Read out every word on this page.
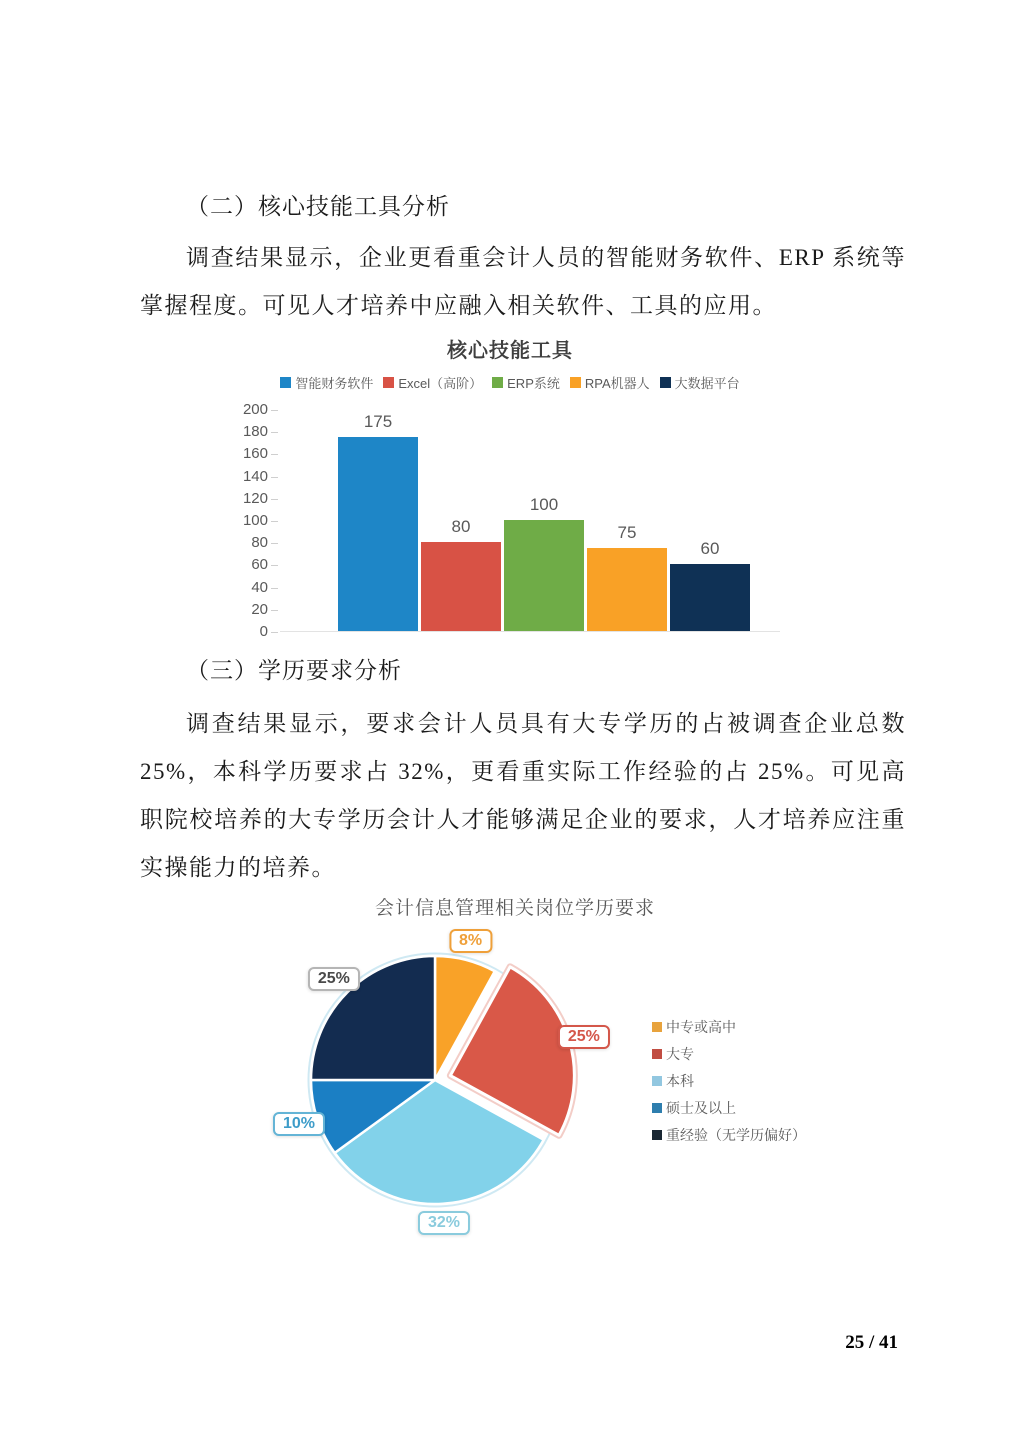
（二）核心技能工具分析
调查结果显示，企业更看重会计人员的智能财务软件、ERP 系统等掌握程度。可见人才培养中应融入相关软件、工具的应用。
核心技能工具
智能财务软件 Excel（高阶） ERP系统 RPA机器人 大数据平台
0
20
40
60
80
100
120
140
160
180
200
175
80
100
75
60
（三）学历要求分析
调查结果显示，要求会计人员具有大专学历的占被调查企业总数 25%，本科学历要求占 32%，更看重实际工作经验的占 25%。可见高职院校培养的大专学历会计人才能够满足企业的要求，人才培养应注重实操能力的培养。
会计信息管理相关岗位学历要求
中专或高中
大专
本科
硕士及以上
重经验（无学历偏好）
8%
25%
32%
10%
25%
25 / 41
